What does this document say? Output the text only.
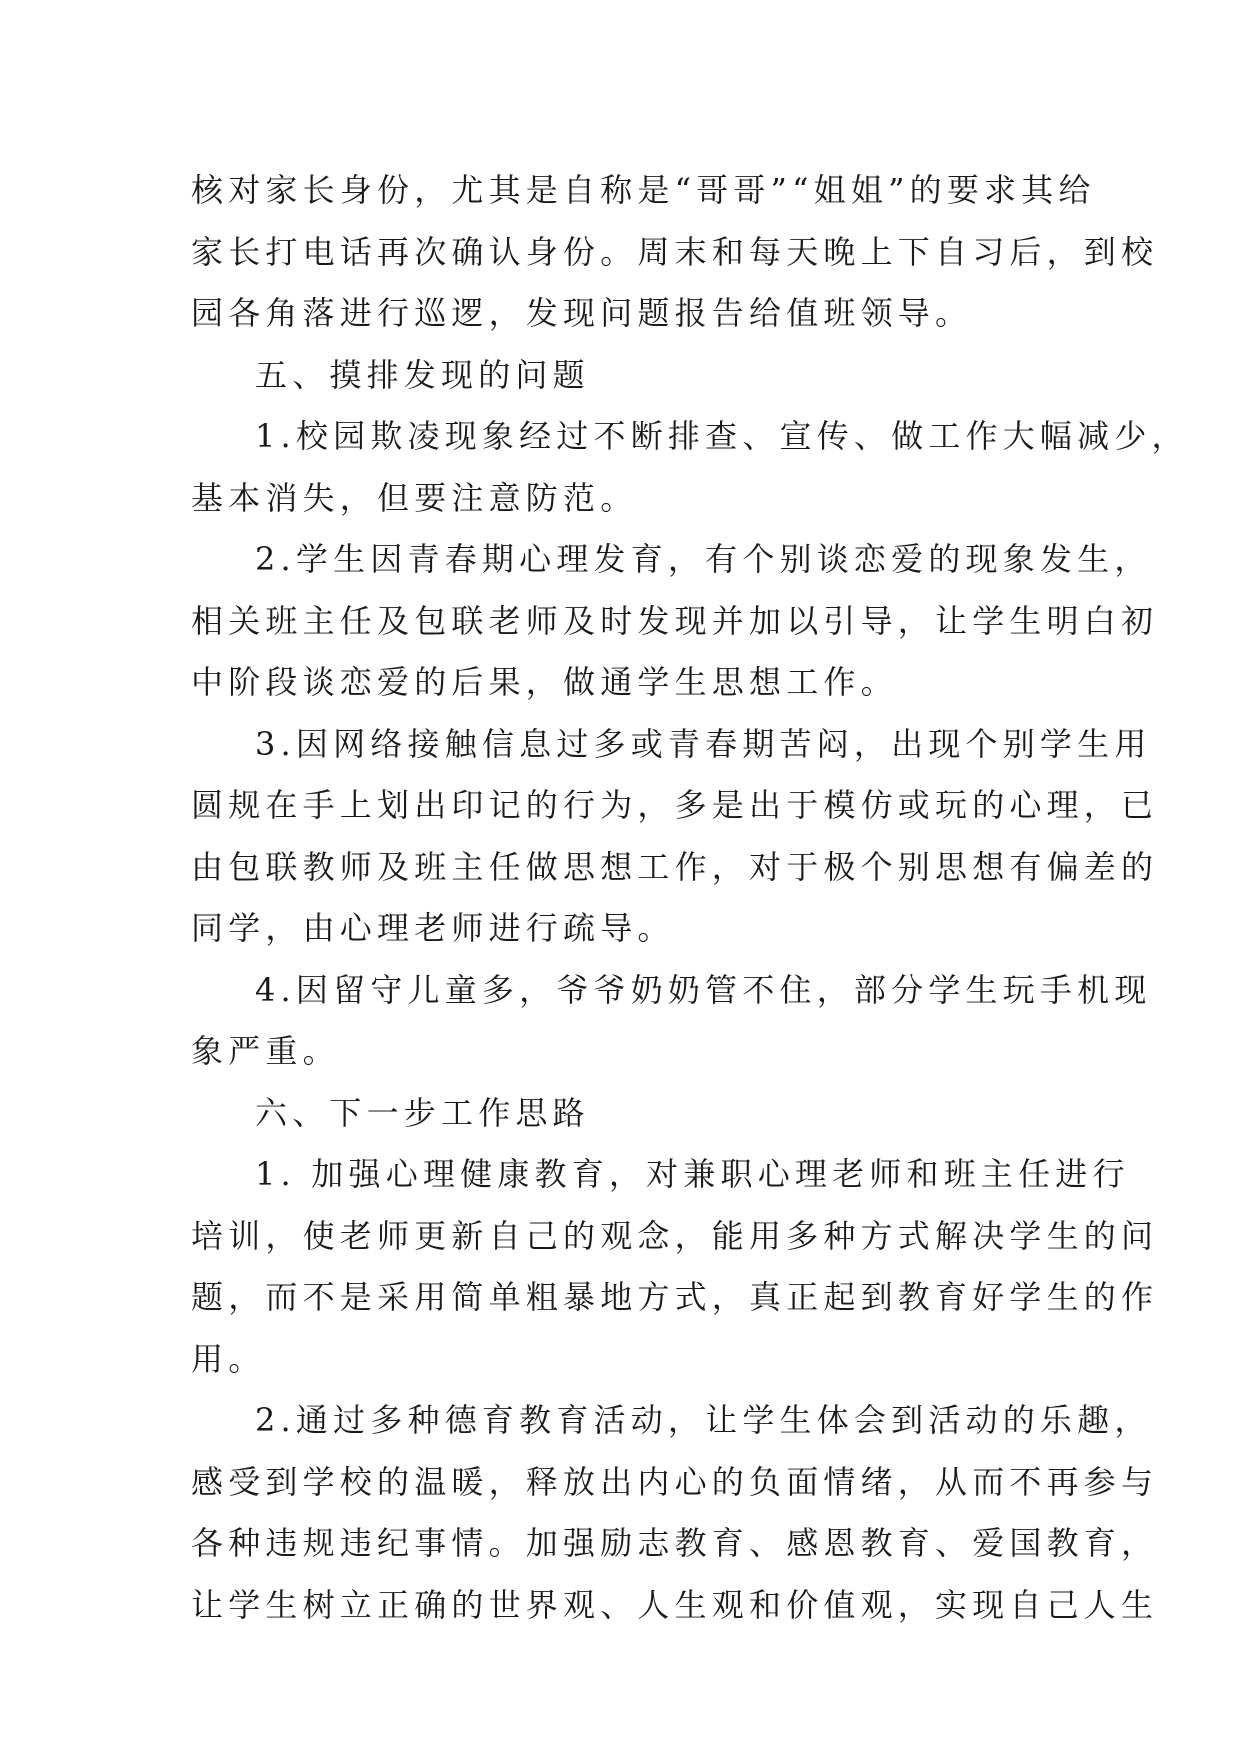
核对家长身份，尤其是自称是“哥哥”“姐姐”的要求其给
家长打电话再次确认身份。周末和每天晚上下自习后，到校
园各角落进行巡逻，发现问题报告给值班领导。
五、摸排发现的问题
1.校园欺凌现象经过不断排查、宣传、做工作大幅减少，
基本消失，但要注意防范。
2.学生因青春期心理发育，有个别谈恋爱的现象发生，
相关班主任及包联老师及时发现并加以引导，让学生明白初
中阶段谈恋爱的后果，做通学生思想工作。
3.因网络接触信息过多或青春期苦闷，出现个别学生用
圆规在手上划出印记的行为，多是出于模仿或玩的心理，已
由包联教师及班主任做思想工作，对于极个别思想有偏差的
同学，由心理老师进行疏导。
4.因留守儿童多，爷爷奶奶管不住，部分学生玩手机现
象严重。
六、下一步工作思路
1. 加强心理健康教育，对兼职心理老师和班主任进行
培训，使老师更新自己的观念，能用多种方式解决学生的问
题，而不是采用简单粗暴地方式，真正起到教育好学生的作
用。
2.通过多种德育教育活动，让学生体会到活动的乐趣，
感受到学校的温暖，释放出内心的负面情绪，从而不再参与
各种违规违纪事情。加强励志教育、感恩教育、爱国教育，
让学生树立正确的世界观、人生观和价值观，实现自己人生
